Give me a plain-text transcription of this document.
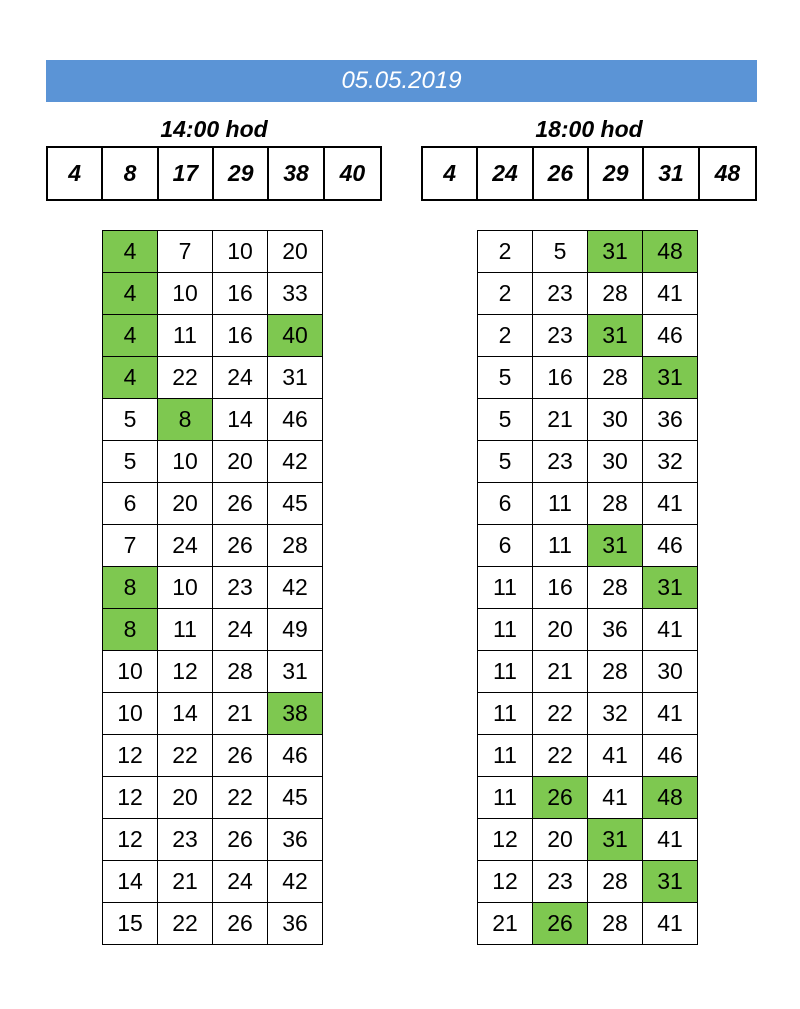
05.05.2019
14:00 hod
4	8	17	29	38	40
18:00 hod
4	24	26	29	31	48
4	7	10	20
4	10	16	33
4	11	16	40
4	22	24	31
5	8	14	46
5	10	20	42
6	20	26	45
7	24	26	28
8	10	23	42
8	11	24	49
10	12	28	31
10	14	21	38
12	22	26	46
12	20	22	45
12	23	26	36
14	21	24	42
15	22	26	36
2	5	31	48
2	23	28	41
2	23	31	46
5	16	28	31
5	21	30	36
5	23	30	32
6	11	28	41
6	11	31	46
11	16	28	31
11	20	36	41
11	21	28	30
11	22	32	41
11	22	41	46
11	26	41	48
12	20	31	41
12	23	28	31
21	26	28	41
